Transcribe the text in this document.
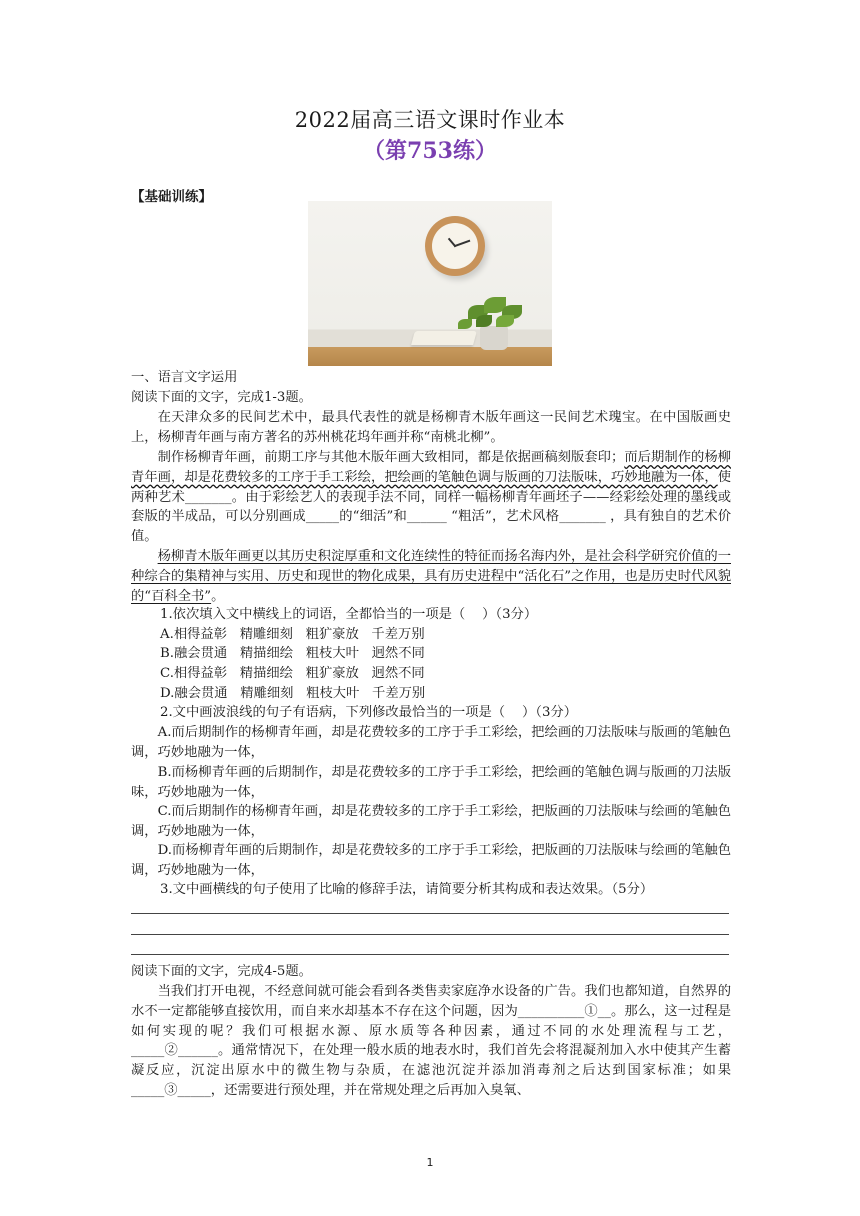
2022届高三语文课时作业本
（第753练）
【基础训练】
一、语言文字运用
阅读下面的文字，完成1-3题。

在天津众多的民间艺术中，最具代表性的就是杨柳青木版年画这一民间艺术瑰宝。在中国版画史上，杨柳青年画与南方著名的苏州桃花坞年画并称“南桃北柳”。

制作杨柳青年画，前期工序与其他木版年画大致相同，都是依据画稿刻版套印；而后期制作的杨柳青年画，却是花费较多的工序于手工彩绘，把绘画的笔触色调与版画的刀法版味，巧妙地融为一体，使两种艺术_______。由于彩绘艺人的表现手法不同，同样一幅杨柳青年画坯子——经彩绘处理的墨线或套版的半成品，可以分别画成_____的“细活”和______ “粗活”，艺术风格_______ ，具有独自的艺术价值。

杨柳青木版年画更以其历史积淀厚重和文化连续性的特征而扬名海内外，是社会科学研究价值的一种综合的集精神与实用、历史和现世的物化成果，具有历史进程中“活化石”之作用，也是历史时代风貌的“百科全书”。

1.依次填入文中横线上的词语，全都恰当的一项是（    ）（3分）
A.相得益彰   精雕细刻   粗犷豪放   千差万别
B.融会贯通   精描细绘   粗枝大叶   迥然不同
C.相得益彰   精描细绘   粗犷豪放   迥然不同
D.融会贯通   精雕细刻   粗枝大叶   千差万别
2.文中画波浪线的句子有语病，下列修改最恰当的一项是（    ）（3分）

A.而后期制作的杨柳青年画，却是花费较多的工序于手工彩绘，把绘画的刀法版味与版画的笔触色调，巧妙地融为一体，

B.而杨柳青年画的后期制作，却是花费较多的工序于手工彩绘，把绘画的笔触色调与版画的刀法版味，巧妙地融为一体，

C.而后期制作的杨柳青年画，却是花费较多的工序于手工彩绘，把版画的刀法版味与绘画的笔触色调，巧妙地融为一体，

D.而杨柳青年画的后期制作，却是花费较多的工序于手工彩绘，把版画的刀法版味与绘画的笔触色调，巧妙地融为一体，

3.文中画横线的句子使用了比喻的修辞手法，请简要分析其构成和表达效果。（5分）
阅读下面的文字，完成4-5题。

当我们打开电视，不经意间就可能会看到各类售卖家庭净水设备的广告。我们也都知道，自然界的水不一定都能够直接饮用，而自来水却基本不存在这个问题，因为__________①__。那么，这一过程是如何实现的呢？我们可根据水源、原水质等各种因素，通过不同的水处理流程与工艺，_____②______。通常情况下，在处理一般水质的地表水时，我们首先会将混凝剂加入水中使其产生蓄凝反应，沉淀出原水中的微生物与杂质，在滤池沉淀并添加消毒剂之后达到国家标准；如果_____③_____，还需要进行预处理，并在常规处理之后再加入臭氧、

1
